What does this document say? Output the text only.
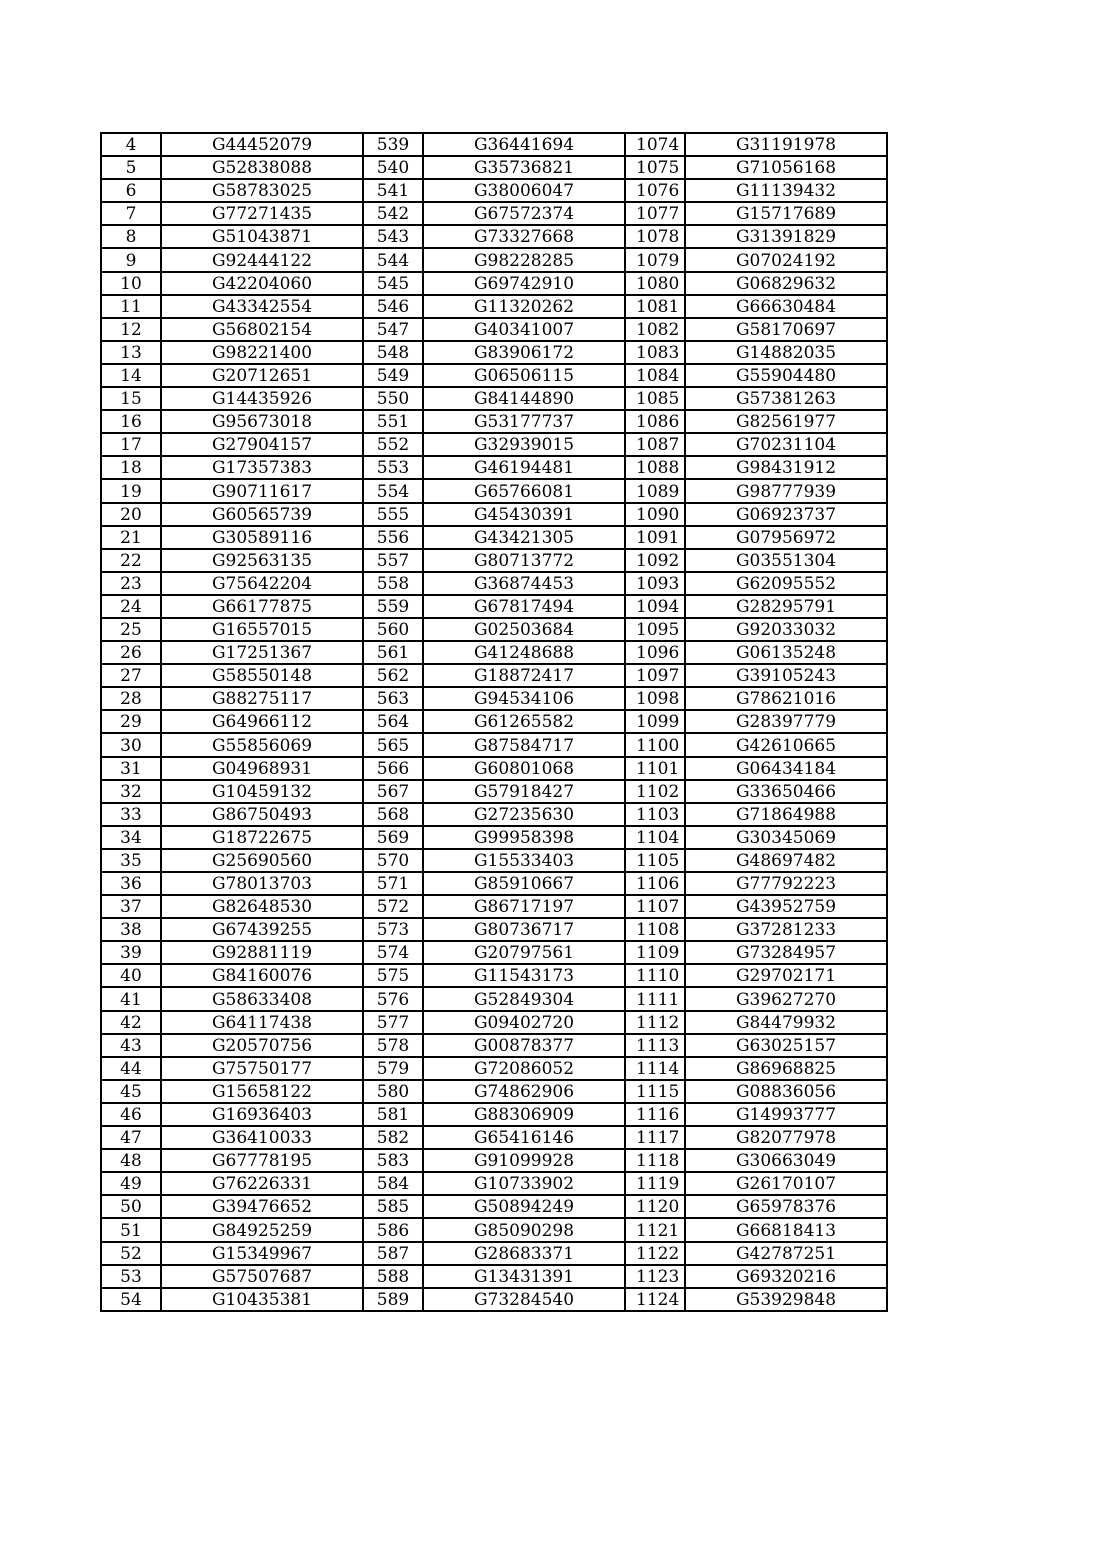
4	G44452079	539	G36441694	1074	G31191978
5	G52838088	540	G35736821	1075	G71056168
6	G58783025	541	G38006047	1076	G11139432
7	G77271435	542	G67572374	1077	G15717689
8	G51043871	543	G73327668	1078	G31391829
9	G92444122	544	G98228285	1079	G07024192
10	G42204060	545	G69742910	1080	G06829632
11	G43342554	546	G11320262	1081	G66630484
12	G56802154	547	G40341007	1082	G58170697
13	G98221400	548	G83906172	1083	G14882035
14	G20712651	549	G06506115	1084	G55904480
15	G14435926	550	G84144890	1085	G57381263
16	G95673018	551	G53177737	1086	G82561977
17	G27904157	552	G32939015	1087	G70231104
18	G17357383	553	G46194481	1088	G98431912
19	G90711617	554	G65766081	1089	G98777939
20	G60565739	555	G45430391	1090	G06923737
21	G30589116	556	G43421305	1091	G07956972
22	G92563135	557	G80713772	1092	G03551304
23	G75642204	558	G36874453	1093	G62095552
24	G66177875	559	G67817494	1094	G28295791
25	G16557015	560	G02503684	1095	G92033032
26	G17251367	561	G41248688	1096	G06135248
27	G58550148	562	G18872417	1097	G39105243
28	G88275117	563	G94534106	1098	G78621016
29	G64966112	564	G61265582	1099	G28397779
30	G55856069	565	G87584717	1100	G42610665
31	G04968931	566	G60801068	1101	G06434184
32	G10459132	567	G57918427	1102	G33650466
33	G86750493	568	G27235630	1103	G71864988
34	G18722675	569	G99958398	1104	G30345069
35	G25690560	570	G15533403	1105	G48697482
36	G78013703	571	G85910667	1106	G77792223
37	G82648530	572	G86717197	1107	G43952759
38	G67439255	573	G80736717	1108	G37281233
39	G92881119	574	G20797561	1109	G73284957
40	G84160076	575	G11543173	1110	G29702171
41	G58633408	576	G52849304	1111	G39627270
42	G64117438	577	G09402720	1112	G84479932
43	G20570756	578	G00878377	1113	G63025157
44	G75750177	579	G72086052	1114	G86968825
45	G15658122	580	G74862906	1115	G08836056
46	G16936403	581	G88306909	1116	G14993777
47	G36410033	582	G65416146	1117	G82077978
48	G67778195	583	G91099928	1118	G30663049
49	G76226331	584	G10733902	1119	G26170107
50	G39476652	585	G50894249	1120	G65978376
51	G84925259	586	G85090298	1121	G66818413
52	G15349967	587	G28683371	1122	G42787251
53	G57507687	588	G13431391	1123	G69320216
54	G10435381	589	G73284540	1124	G53929848
